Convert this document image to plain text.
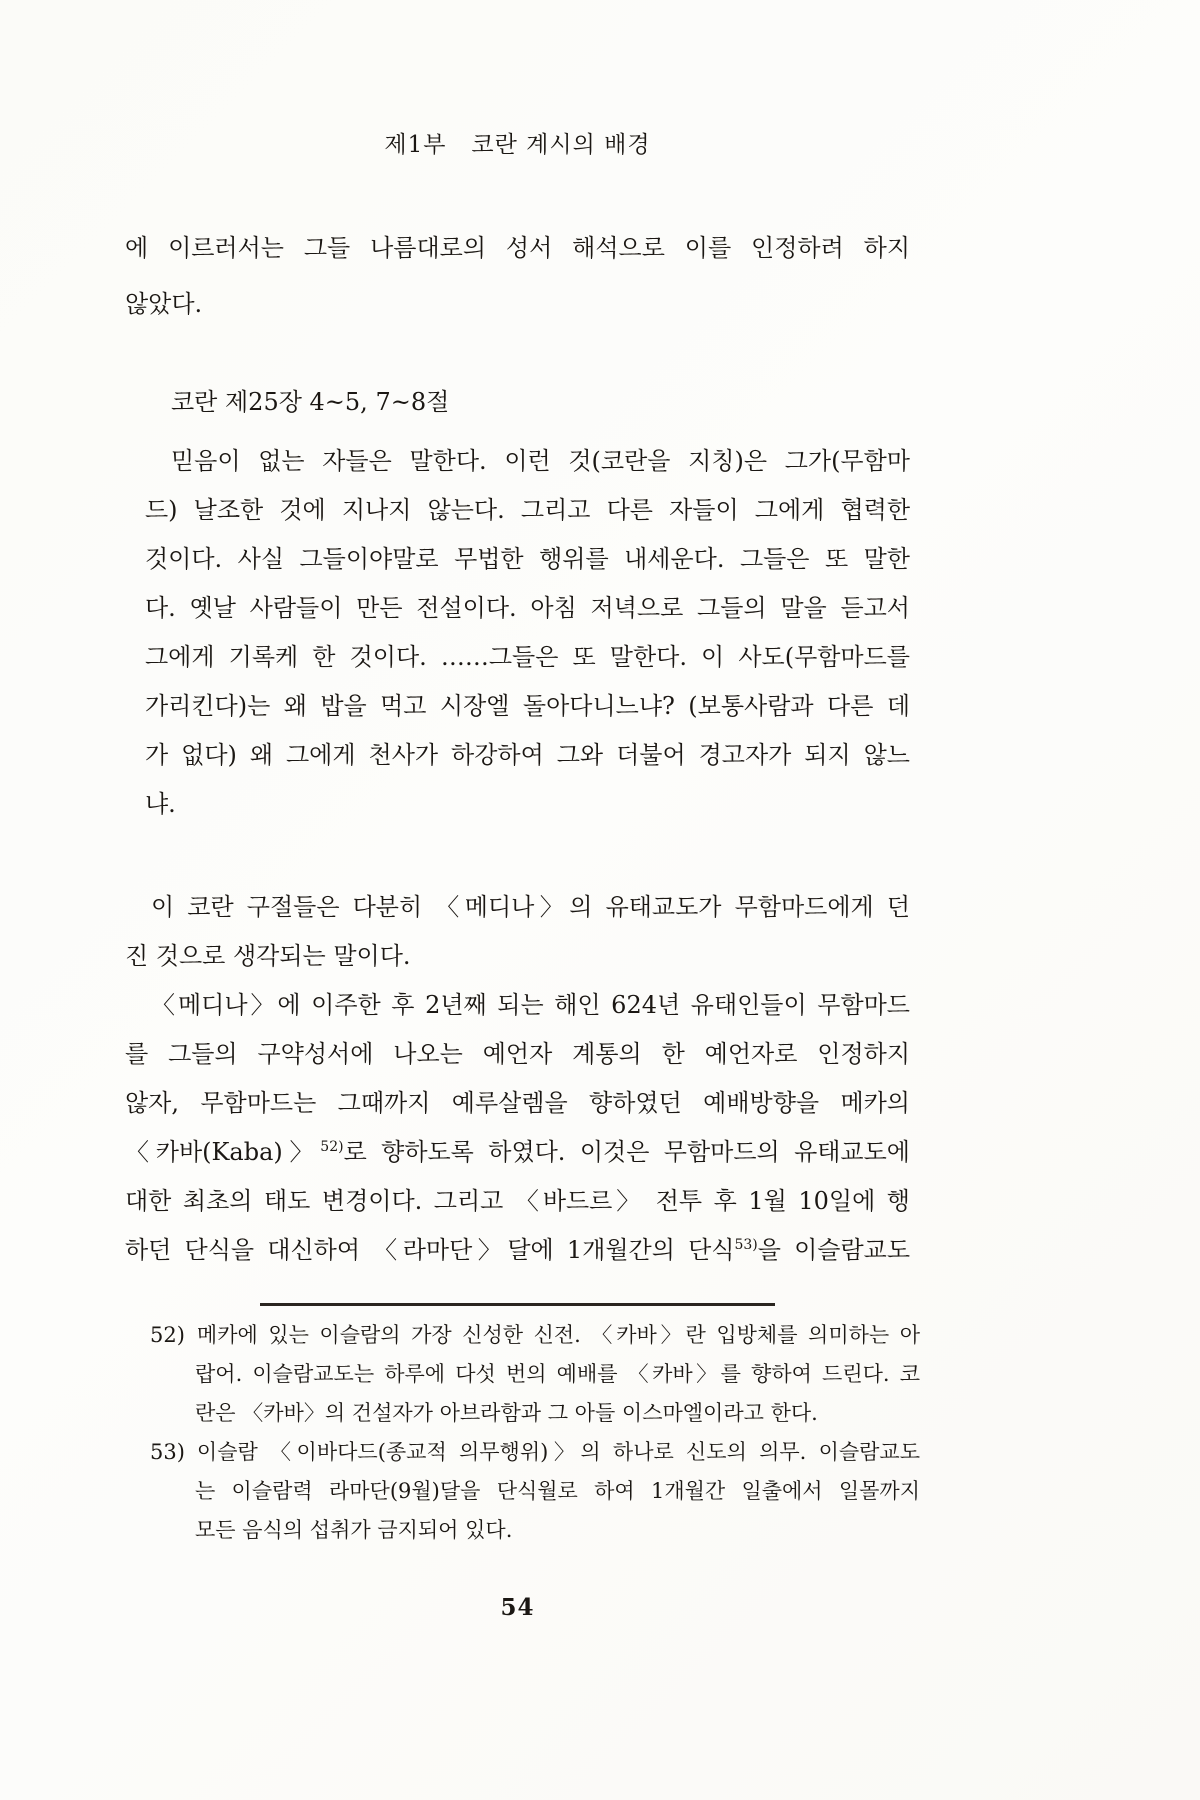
제1부   코란 계시의 배경
에 이르러서는 그들 나름대로의 성서 해석으로 이를 인정하려 하지
않았다.
코란 제25장 4~5, 7~8절
믿음이 없는 자들은 말한다. 이런 것(코란을 지칭)은 그가(무함마
드) 날조한 것에 지나지 않는다. 그리고 다른 자들이 그에게 협력한
것이다. 사실 그들이야말로 무법한 행위를 내세운다. 그들은 또 말한
다. 옛날 사람들이 만든 전설이다. 아침 저녁으로 그들의 말을 듣고서
그에게 기록케 한 것이다. ……그들은 또 말한다. 이 사도(무함마드를
가리킨다)는 왜 밥을 먹고 시장엘 돌아다니느냐? (보통사람과 다른 데
가 없다) 왜 그에게 천사가 하강하여 그와 더불어 경고자가 되지 않느
냐.
이 코란 구절들은 다분히 〈메디나〉의 유태교도가 무함마드에게 던
진 것으로 생각되는 말이다.
〈메디나〉에 이주한 후 2년째 되는 해인 624년 유태인들이 무함마드
를 그들의 구약성서에 나오는 예언자 계통의 한 예언자로 인정하지
않자, 무함마드는 그때까지 예루살렘을 향하였던 예배방향을 메카의
〈카바(Kaba)〉$^{52)}$로 향하도록 하였다. 이것은 무함마드의 유태교도에
대한 최초의 태도 변경이다. 그리고 〈바드르〉 전투 후 1월 10일에 행
하던 단식을 대신하여 〈라마단〉달에 1개월간의 단식$^{53)}$을 이슬람교도
52) 메카에 있는 이슬람의 가장 신성한 신전. 〈카바〉란 입방체를 의미하는 아
랍어. 이슬람교도는 하루에 다섯 번의 예배를 〈카바〉를 향하여 드린다. 코
란은 〈카바〉의 건설자가 아브라함과 그 아들 이스마엘이라고 한다.
53) 이슬람 〈이바다드(종교적 의무행위)〉의 하나로 신도의 의무. 이슬람교도
는 이슬람력 라마단(9월)달을 단식월로 하여 1개월간 일출에서 일몰까지
모든 음식의 섭취가 금지되어 있다.
54
